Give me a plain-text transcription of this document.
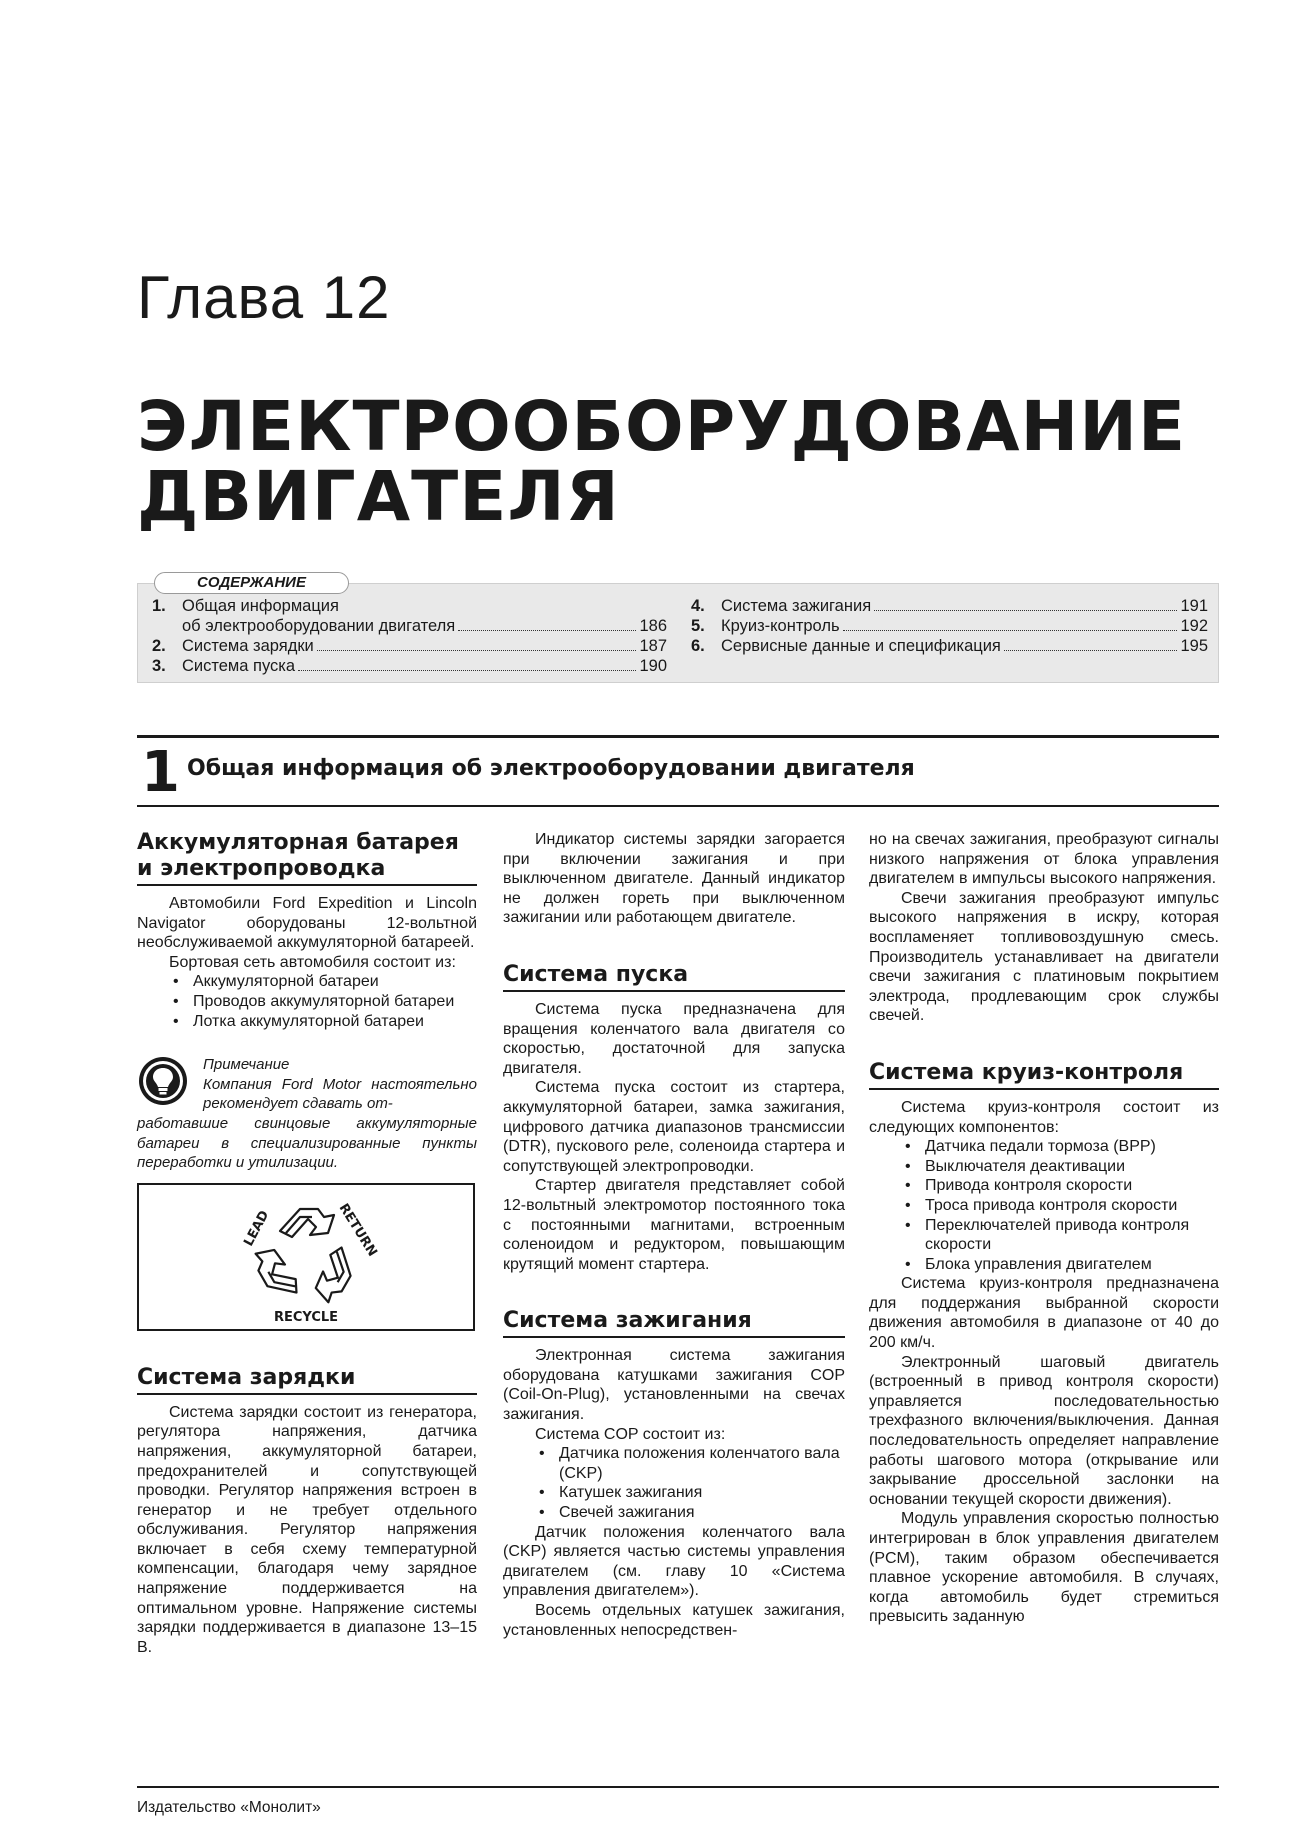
Глава 12
ЭЛЕКТРООБОРУДОВАНИЕ
ДВИГАТЕЛЯ
СОДЕРЖАНИЕ
1. Общая информация
об электрооборудовании двигателя	186
2. Система зарядки	187
3. Система пуска	190
4. Система зажигания	191
5. Круиз-контроль	192
6. Сервисные данные и спецификация	195
1 Общая информация об электрооборудовании двигателя
Аккумуляторная батарея и электропроводка

Автомобили Ford Expedition и Lincoln Navigator оборудованы 12-вольтной необслуживаемой аккумуляторной батареей.

Бортовая сеть автомобиля состоит из:

• Аккумуляторной батареи
• Проводов аккумуляторной батареи
• Лотка аккумуляторной батареи
Примечание
Компания Ford Motor настоятельно рекомендует сдавать от-
работавшие свинцовые аккумуляторные батареи в специализированные пункты переработки и утилизации.
LEAD	RETURN
RECYCLE
Система зарядки

Система зарядки состоит из генератора, регулятора напряжения, датчика напряжения, аккумуляторной батареи, предохранителей и сопутствующей проводки. Регулятор напряжения встроен в генератор и не требует отдельного обслуживания. Регулятор напряжения включает в себя схему температурной компенсации, благодаря чему зарядное напряжение поддерживается на оптимальном уровне. Напряжение системы зарядки поддерживается в диапазоне 13–15 В.

Индикатор системы зарядки загорается при включении зажигания и при выключенном двигателе. Данный индикатор не должен гореть при выключенном зажигании или работающем двигателе.

Система пуска

Система пуска предназначена для вращения коленчатого вала двигателя со скоростью, достаточной для запуска двигателя.

Система пуска состоит из стартера, аккумуляторной батареи, замка зажигания, цифрового датчика диапазонов трансмиссии (DTR), пускового реле, соленоида стартера и сопутствующей электропроводки.

Стартер двигателя представляет собой 12-вольтный электромотор постоянного тока с постоянными магнитами, встроенным соленоидом и редуктором, повышающим крутящий момент стартера.

Система зажигания

Электронная система зажигания оборудована катушками зажигания COP (Coil-On-Plug), установленными на свечах зажигания.

Система COP состоит из:

• Датчика положения коленчатого вала (CKP)
• Катушек зажигания
• Свечей зажигания

Датчик положения коленчатого вала (CKP) является частью системы управления двигателем (см. главу 10 «Система управления двигателем»).

Восемь отдельных катушек зажигания, установленных непосредствен-

но на свечах зажигания, преобразуют сигналы низкого напряжения от блока управления двигателем в импульсы высокого напряжения.

Свечи зажигания преобразуют импульс высокого напряжения в искру, которая воспламеняет топливовоздушную смесь. Производитель устанавливает на двигатели свечи зажигания с платиновым покрытием электрода, продлевающим срок службы свечей.

Система круиз-контроля

Система круиз-контроля состоит из следующих компонентов:

• Датчика педали тормоза (BPP)
• Выключателя деактивации
• Привода контроля скорости
• Троса привода контроля скорости
• Переключателей привода контроля скорости
• Блока управления двигателем

Система круиз-контроля предназначена для поддержания выбранной скорости движения автомобиля в диапазоне от 40 до 200 км/ч.

Электронный шаговый двигатель (встроенный в привод контроля скорости) управляется последовательностью трехфазного включения/выключения. Данная последовательность определяет направление работы шагового мотора (открывание или закрывание дроссельной заслонки на основании текущей скорости движения).

Модуль управления скоростью полностью интегрирован в блок управления двигателем (PCM), таким образом обеспечивается плавное ускорение автомобиля. В случаях, когда автомобиль будет стремиться превысить заданную

Издательство «Монолит»
